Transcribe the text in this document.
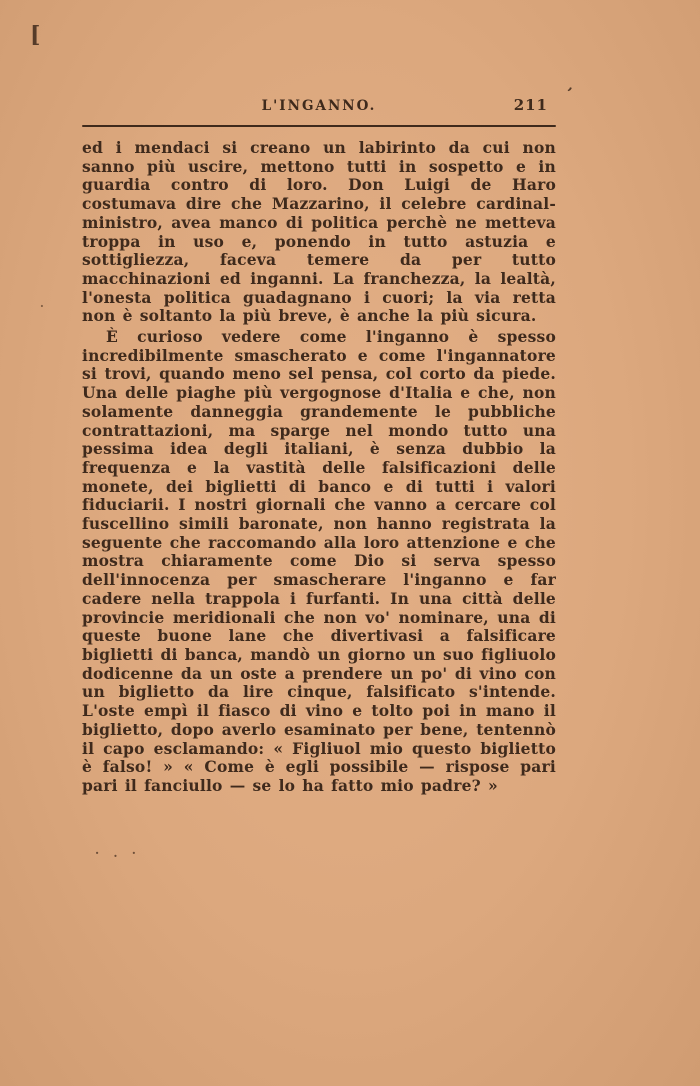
[
’
·
· . ·
L'INGANNO.	211

ed i mendaci si creano un labirinto da cui non sanno più uscire, mettono tutti in sospetto e in guardia contro di loro. Don Luigi de Haro costumava dire che Mazzarino, il celebre cardinal-ministro, avea manco di politica perchè ne metteva troppa in uso e, ponendo in tutto astuzia e sottigliezza, faceva temere da per tutto macchinazioni ed inganni. La franchezza, la lealtà, l'onesta politica guadagnano i cuori; la via retta non è soltanto la più breve, è anche la più sicura.

È curioso vedere come l'inganno è spesso incredibilmente smascherato e come l'ingannatore si trovi, quando meno sel pensa, col corto da piede. Una delle piaghe più vergognose d'Italia e che, non solamente danneggia grandemente le pubbliche contrattazioni, ma sparge nel mondo tutto una pessima idea degli italiani, è senza dubbio la frequenza e la vastità delle falsificazioni delle monete, dei biglietti di banco e di tutti i valori fiduciarii. I nostri giornali che vanno a cercare col fuscellino simili baronate, non hanno registrata la seguente che raccomando alla loro attenzione e che mostra chiaramente come Dio si serva spesso dell'innocenza per smascherare l'inganno e far cadere nella trappola i furfanti. In una città delle provincie meridionali che non vo' nominare, una di queste buone lane che divertivasi a falsificare biglietti di banca, mandò un giorno un suo figliuolo dodicenne da un oste a prendere un po' di vino con un biglietto da lire cinque, falsificato s'intende. L'oste empì il fiasco di vino e tolto poi in mano il biglietto, dopo averlo esaminato per bene, tentennò il capo esclamando: « Figliuol mio questo biglietto è falso! » « Come è egli possibile — rispose pari pari il fanciullo — se lo ha fatto mio padre? »
